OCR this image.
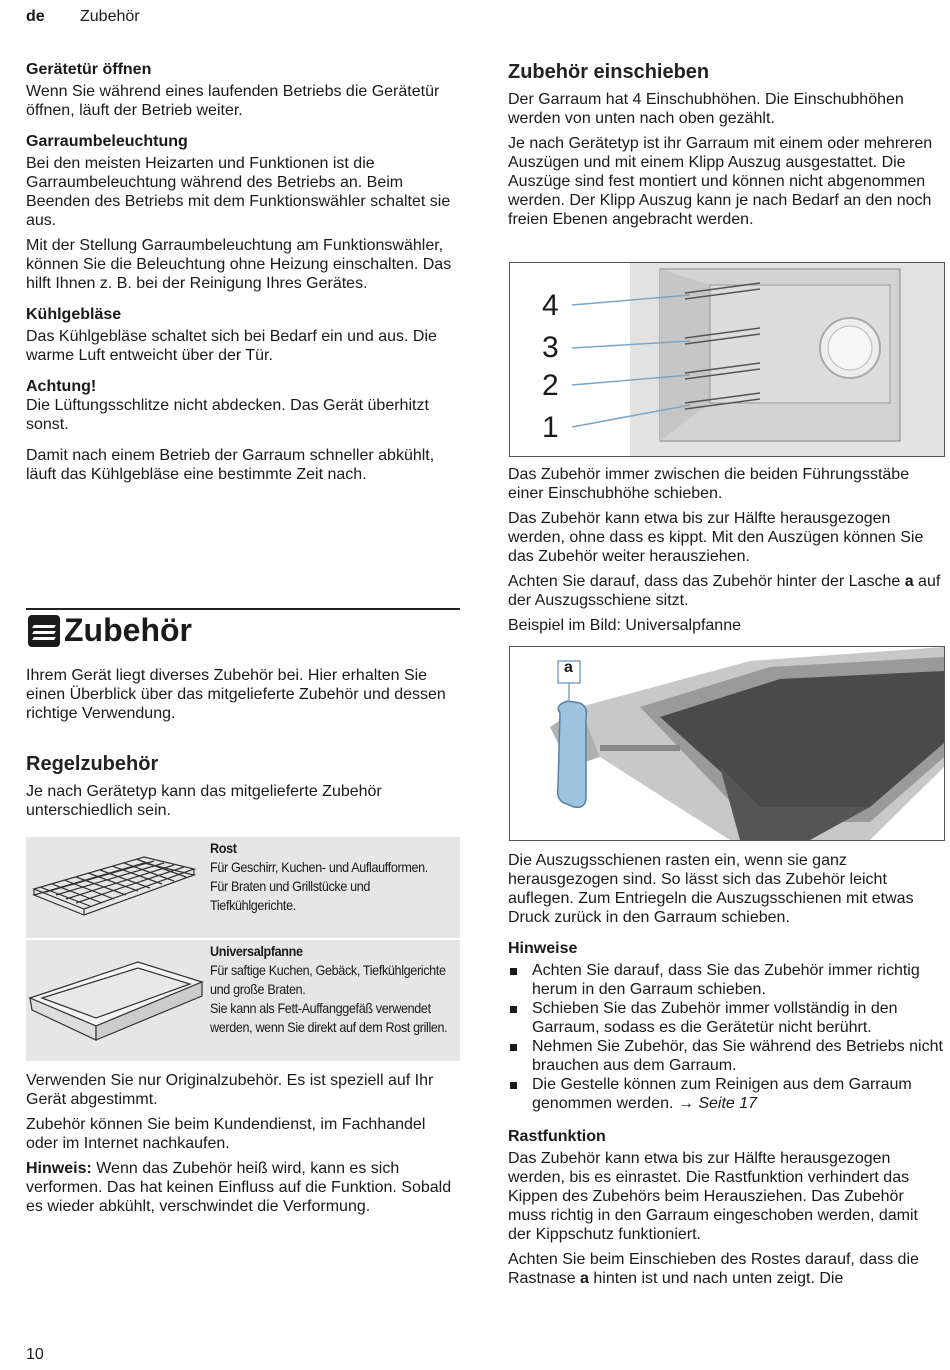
de Zubehör
Gerätetür öffnen

Wenn Sie während eines laufenden Betriebs die Gerätetür öffnen, läuft der Betrieb weiter.

Garraumbeleuchtung

Bei den meisten Heizarten und Funktionen ist die Garraumbeleuchtung während des Betriebs an. Beim Beenden des Betriebs mit dem Funktionswähler schaltet sie aus.

Mit der Stellung Garraumbeleuchtung am Funktionswähler, können Sie die Beleuchtung ohne Heizung einschalten. Das hilft Ihnen z. B. bei der Reinigung Ihres Gerätes.

Kühlgebläse

Das Kühlgebläse schaltet sich bei Bedarf ein und aus. Die warme Luft entweicht über der Tür.

Achtung!

Die Lüftungsschlitze nicht abdecken. Das Gerät überhitzt sonst.

Damit nach einem Betrieb der Garraum schneller abkühlt, läuft das Kühlgebläse eine bestimmte Zeit nach.

Zubehör

Ihrem Gerät liegt diverses Zubehör bei. Hier erhalten Sie einen Überblick über das mitgelieferte Zubehör und dessen richtige Verwendung.

Regelzubehör

Je nach Gerätetyp kann das mitgelieferte Zubehör unterschiedlich sein.

Rost
Für Geschirr, Kuchen- und Auflaufformen.
Für Braten und Grillstücke und Tiefkühlgerichte.
Universalpfanne
Für saftige Kuchen, Gebäck, Tiefkühlgerichte und große Braten.
Sie kann als Fett-Auffanggefäß verwendet werden, wenn Sie direkt auf dem Rost grillen.

Verwenden Sie nur Originalzubehör. Es ist speziell auf Ihr Gerät abgestimmt.

Zubehör können Sie beim Kundendienst, im Fachhandel oder im Internet nachkaufen.

Hinweis: Wenn das Zubehör heiß wird, kann es sich verformen. Das hat keinen Einfluss auf die Funktion. Sobald es wieder abkühlt, verschwindet die Verformung.

Zubehör einschieben

Der Garraum hat 4 Einschubhöhen. Die Einschubhöhen werden von unten nach oben gezählt.

Je nach Gerätetyp ist ihr Garraum mit einem oder mehreren Auszügen und mit einem Klipp Auszug ausgestattet. Die Auszüge sind fest montiert und können nicht abgenommen werden. Der Klipp Auszug kann je nach Bedarf an den noch freien Ebenen angebracht werden.

4
3
2
1

Das Zubehör immer zwischen die beiden Führungsstäbe einer Einschubhöhe schieben.

Das Zubehör kann etwa bis zur Hälfte herausgezogen werden, ohne dass es kippt. Mit den Auszügen können Sie das Zubehör weiter herausziehen.

Achten Sie darauf, dass das Zubehör hinter der Lasche a auf der Auszugsschiene sitzt.

Beispiel im Bild: Universalpfanne

a

Die Auszugsschienen rasten ein, wenn sie ganz herausgezogen sind. So lässt sich das Zubehör leicht auflegen. Zum Entriegeln die Auszugsschienen mit etwas Druck zurück in den Garraum schieben.

Hinweise
Achten Sie darauf, dass Sie das Zubehör immer richtig herum in den Garraum schieben.
Schieben Sie das Zubehör immer vollständig in den Garraum, sodass es die Gerätetür nicht berührt.
Nehmen Sie Zubehör, das Sie während des Betriebs nicht brauchen aus dem Garraum.
Die Gestelle können zum Reinigen aus dem Garraum genommen werden. → Seite 17
Rastfunktion

Das Zubehör kann etwa bis zur Hälfte herausgezogen werden, bis es einrastet. Die Rastfunktion verhindert das Kippen des Zubehörs beim Herausziehen. Das Zubehör muss richtig in den Garraum eingeschoben werden, damit der Kippschutz funktioniert.

Achten Sie beim Einschieben des Rostes darauf, dass die Rastnase a hinten ist und nach unten zeigt. Die

10
